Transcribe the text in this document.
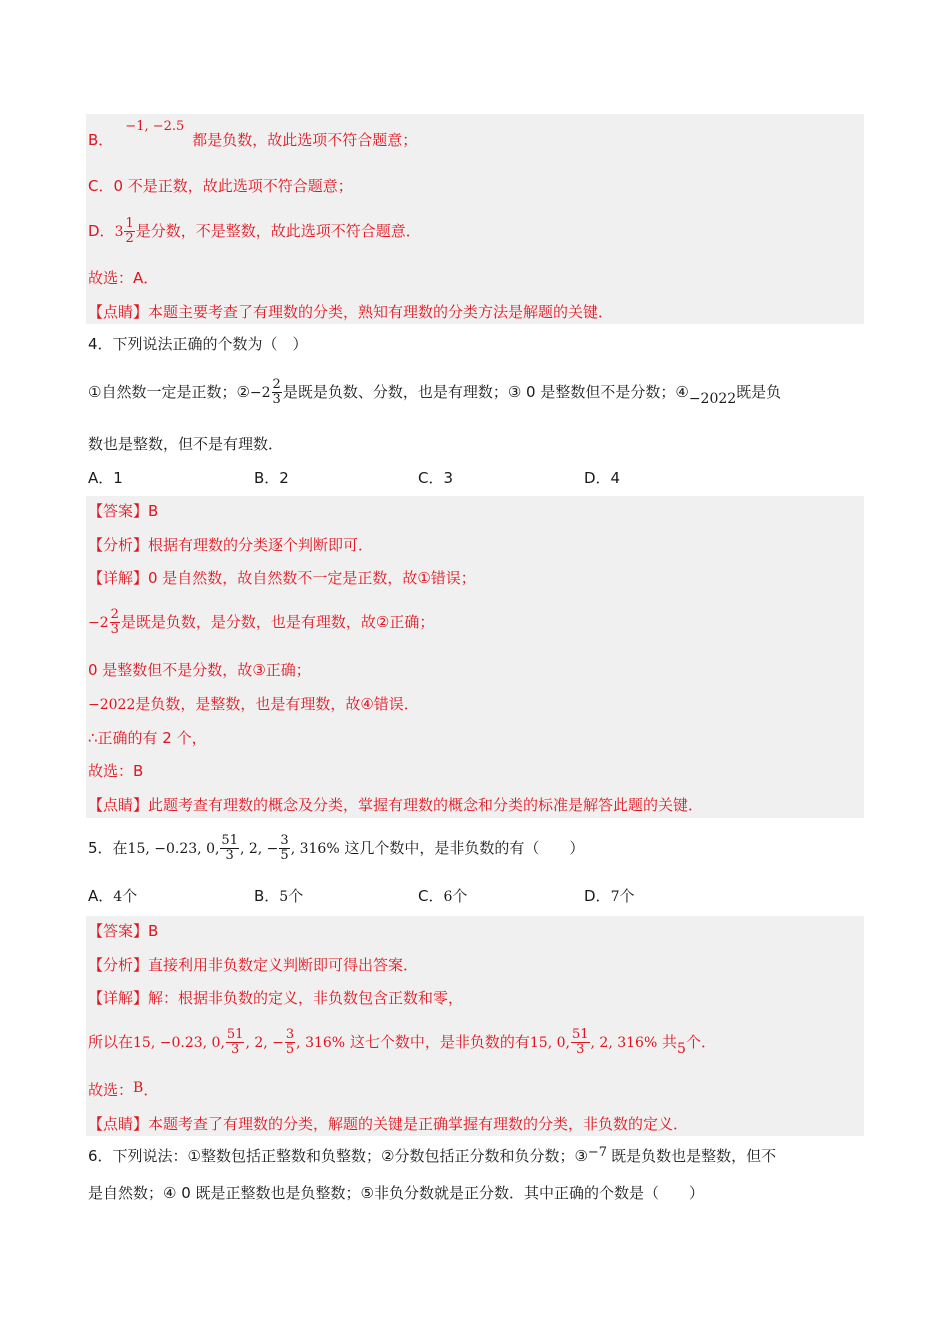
B．−1, −2.5都是负数，故此选项不符合题意；
C．0 不是正数，故此选项不符合题意；
D．$3 \frac{1}{2}$ 是分数，不是整数，故此选项不符合题意．
故选：A．
【点睛】本题主要考查了有理数的分类，熟知有理数的分类方法是解题的关键．
4．下列说法正确的个数为（　）
①自然数一定是正数；②−2 $\frac{2}{3}$ 是既是负数、分数，也是有理数；③ 0 是整数但不是分数；④−2022既是负
数也是整数，但不是有理数．
A．1	B．2	C．3	D．4
【答案】B
【分析】根据有理数的分类逐个判断即可．
【详解】0 是自然数，故自然数不一定是正数，故①错误；
$-2 \frac{2}{3}$ 是既是负数，是分数，也是有理数，故②正确；
0 是整数但不是分数，故③正确；
−2022是负数，是整数，也是有理数，故④错误．
∴正确的有 2 个，
故选：B
【点睛】此题考查有理数的概念及分类，掌握有理数的概念和分类的标准是解答此题的关键．
5．在15, −0.23, 0, $\frac{51}{3}$ , 2, − $\frac{3}{5}$ , 316% 这几个数中，是非负数的有（　　）
A．4个	B．5个	C．6个	D．7个
【答案】B
【分析】直接利用非负数定义判断即可得出答案．
【详解】解：根据非负数的定义，非负数包含正数和零，
所以在15, −0.23, 0, $\frac{51}{3}$ , 2, − $\frac{3}{5}$ , 316% 这七个数中，是非负数的有15, 0, $\frac{51}{3}$ , 2, 316% 共5个．
故选：B．
【点睛】本题考查了有理数的分类，解题的关键是正确掌握有理数的分类，非负数的定义．
6．下列说法：①整数包括正整数和负整数；②分数包括正分数和负分数；③−7 既是负数也是整数，但不
是自然数；④ 0 既是正整数也是负整数；⑤非负分数就是正分数．其中正确的个数是（　　）
